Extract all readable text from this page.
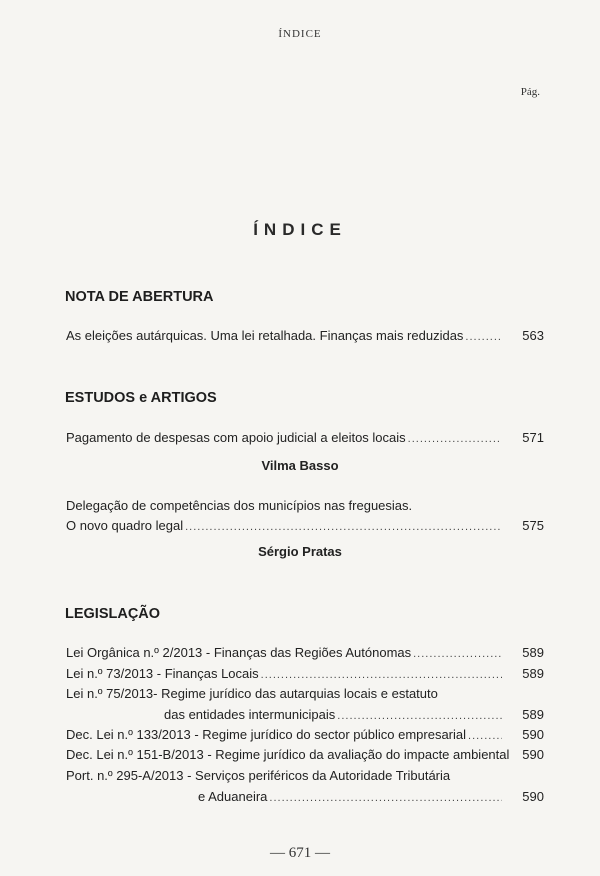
ÍNDICE
Pág.
ÍNDICE
NOTA DE ABERTURA
As eleições autárquicas. Uma lei retalhada. Finanças mais reduzidas .....	563
ESTUDOS e ARTIGOS
Pagamento de despesas com apoio judicial a eleitos locais .....	571
Vilma Basso
Delegação de competências dos municípios nas freguesias.
O novo quadro legal .....	575
Sérgio Pratas
LEGISLAÇÃO
Lei Orgânica n.º 2/2013 - Finanças das Regiões Autónomas .....	589
Lei n.º 73/2013 - Finanças Locais .....	589
Lei n.º 75/2013- Regime jurídico das autarquias locais e estatuto
das entidades intermunicipais .....	589
Dec. Lei n.º 133/2013 - Regime jurídico do sector público empresarial .....	590
Dec. Lei n.º 151-B/2013 - Regime jurídico da avaliação do impacte ambiental 590
Port. n.º 295-A/2013 - Serviços periféricos da Autoridade Tributária
e Aduaneira .....	590
— 671 —
